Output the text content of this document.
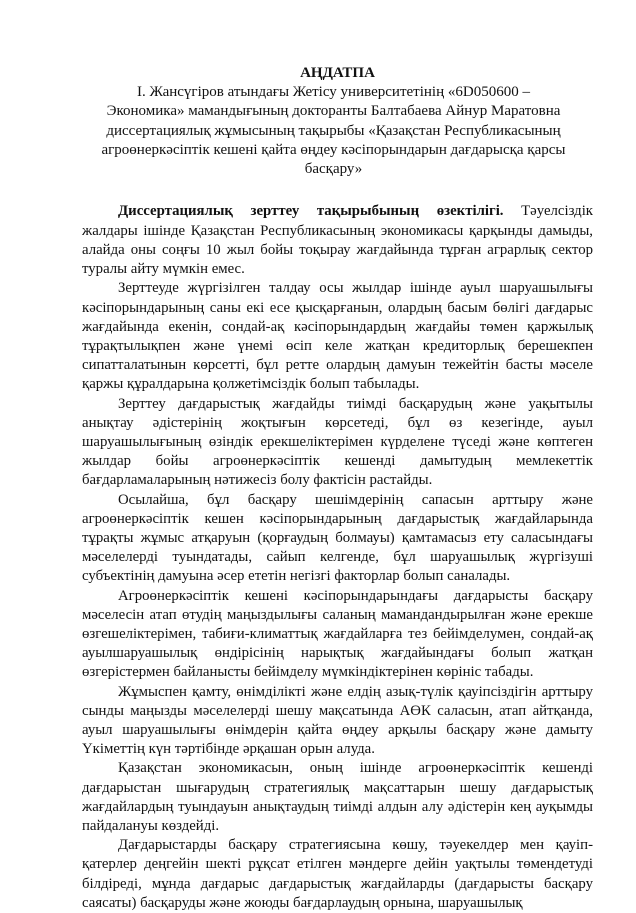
АҢДАТПА
І. Жансүгіров атындағы Жетісу университетінің «6D050600 –
Экономика» мамандығының докторанты Балтабаева Айнур Маратовна
диссертациялық жұмысының тақырыбы «Қазақстан Республикасының
агроөнеркәсіптік кешені қайта өңдеу кәсіпорындарын дағдарысқа қарсы
басқару»

Диссертациялық зерттеу тақырыбының өзектілігі. Тәуелсіздік жалдары ішінде Қазақстан Республикасының экономикасы қарқынды дамыды, алайда оны соңғы 10 жыл бойы тоқырау жағдайында тұрған аграрлық сектор туралы айту мүмкін емес.

Зерттеуде жүргізілген талдау осы жылдар ішінде ауыл шаруашылығы кәсіпорындарының саны екі есе қысқарғанын, олардың басым бөлігі дағдарыс жағдайында екенін, сондай-ақ кәсіпорындардың жағдайы төмен қаржылық тұрақтылықпен және үнемі өсіп келе жатқан кредиторлық берешекпен сипатталатынын көрсетті, бұл ретте олардың дамуын тежейтін басты мәселе қаржы құралдарына қолжетімсіздік болып табылады.

Зерттеу дағдарыстық жағдайды тиімді басқарудың және уақытылы анықтау әдістерінің жоқтығын көрсетеді, бұл өз кезегінде, ауыл шаруашылығының өзіндік ерекшеліктерімен күрделене түседі және көптеген жылдар бойы агроөнеркәсіптік кешенді дамытудың мемлекеттік бағдарламаларының нәтижесіз болу фактісін растайды.

Осылайша, бұл басқару шешімдерінің сапасын арттыру және агроөнеркәсіптік кешен кәсіпорындарының дағдарыстық жағдайларында тұрақты жұмыс атқаруын (қорғаудың болмауы) қамтамасыз ету саласындағы мәселелерді туындатады, сайып келгенде, бұл шаруашылық жүргізуші субъектінің дамуына әсер ететін негізгі факторлар болып саналады.

Агроөнеркәсіптік кешені кәсіпорындарындағы дағдарысты басқару мәселесін атап өтудің маңыздылығы саланың мамандандырылған және ерекше өзгешеліктерімен, табиғи-климаттық жағдайларға тез бейімделумен, сондай-ақ ауылшаруашылық өндірісінің нарықтық жағдайындағы болып жатқан өзгерістермен байланысты бейімделу мүмкіндіктерінен көрініс табады.

Жұмыспен қамту, өнімділікті және елдің азық-түлік қауіпсіздігін арттыру сынды маңызды мәселелерді шешу мақсатында АӨК саласын, атап айтқанда, ауыл шаруашылығы өнімдерін қайта өңдеу арқылы басқару және дамыту Үкіметтің күн тәртібінде әрқашан орын алуда.

Қазақстан экономикасын, оның ішінде агроөнеркәсіптік кешенді дағдарыстан шығарудың стратегиялық мақсаттарын шешу дағдарыстық жағдайлардың туындауын анықтаудың тиімді алдын алу әдістерін кең ауқымды пайдалануы көздейді.

Дағдарыстарды басқару стратегиясына көшу, тәуекелдер мен қауіп-қатерлер деңгейін шекті рұқсат етілген мәндерге дейін уақтылы төмендетуді білдіреді, мұнда дағдарыс дағдарыстық жағдайларды (дағдарысты басқару саясаты) басқаруды және жоюды бағдарлаудың орнына, шаруашылық
